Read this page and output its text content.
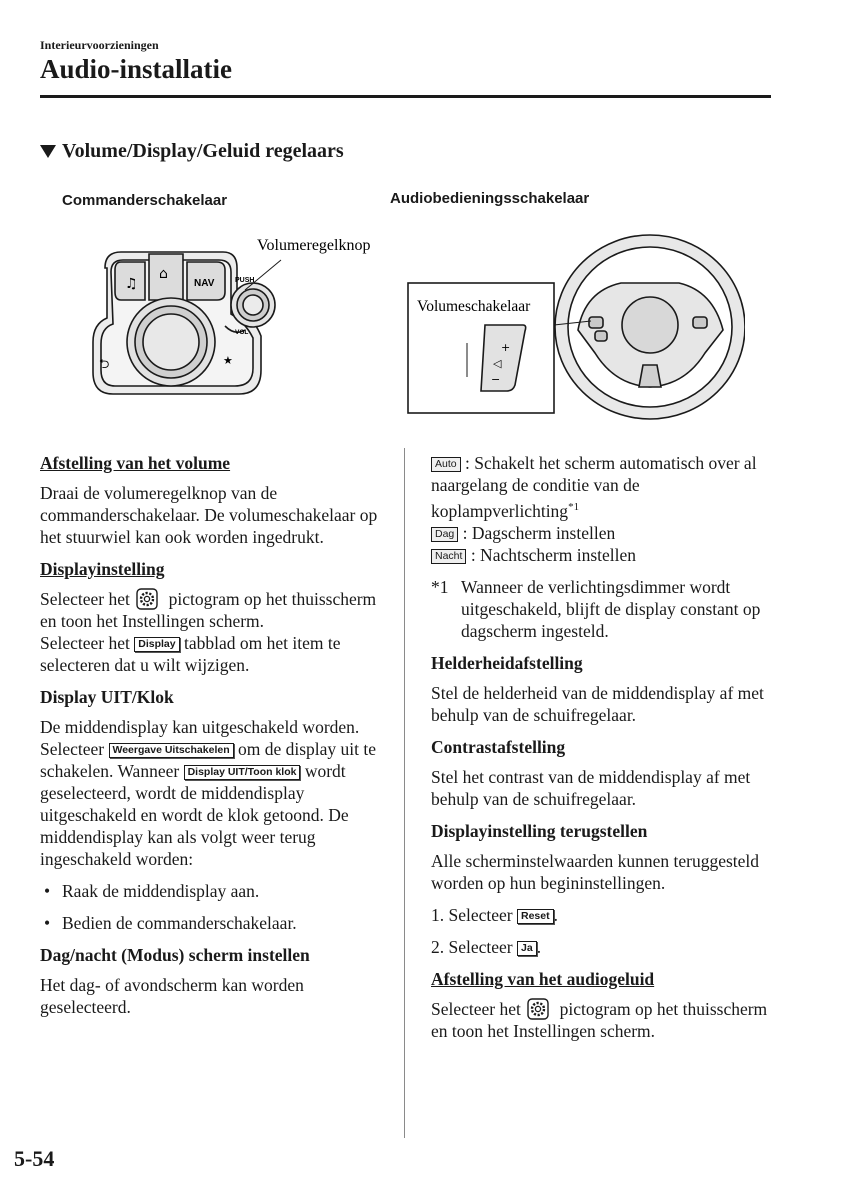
Interieurvoorzieningen
Audio-installatie
Volume/Display/Geluid regelaars
Commanderschakelaar	Audiobedieningsschakelaar
♫
⌂
NAV	PUSH
VOL
⮌	★
Volumeregelknop
Volumeschakelaar
+
◁
−
Afstelling van het volume
Draai de volumeregelknop van de commanderschakelaar. De volumeschakelaar op het stuurwiel kan ook worden ingedrukt.
Displayinstelling
Selecteer het pictogram op het thuisscherm en toon het Instellingen scherm.
Selecteer het Display tabblad om het item te selecteren dat u wilt wijzigen.
Display UIT/Klok
De middendisplay kan uitgeschakeld worden. Selecteer Weergave Uitschakelen om de display uit te schakelen. Wanneer Display UIT/Toon klok wordt geselecteerd, wordt de middendisplay uitgeschakeld en wordt de klok getoond. De middendisplay kan als volgt weer terug ingeschakeld worden:
• Raak de middendisplay aan.
• Bedien de commanderschakelaar.
Dag/nacht (Modus) scherm instellen
Het dag- of avondscherm kan worden geselecteerd.
Auto : Schakelt het scherm automatisch over al naargelang de conditie van de koplampverlichting$^{*1}$
Dag : Dagscherm instellen
Nacht : Nachtscherm instellen
*1 Wanneer de verlichtingsdimmer wordt uitgeschakeld, blijft de display constant op dagscherm ingesteld.
Helderheidafstelling
Stel de helderheid van de middendisplay af met behulp van de schuifregelaar.
Contrastafstelling
Stel het contrast van de middendisplay af met behulp van de schuifregelaar.
Displayinstelling terugstellen
Alle scherminstelwaarden kunnen teruggesteld worden op hun begininstellingen.
1. Selecteer Reset .
2. Selecteer Ja .
Afstelling van het audiogeluid
Selecteer het pictogram op het thuisscherm en toon het Instellingen scherm.
5-54
